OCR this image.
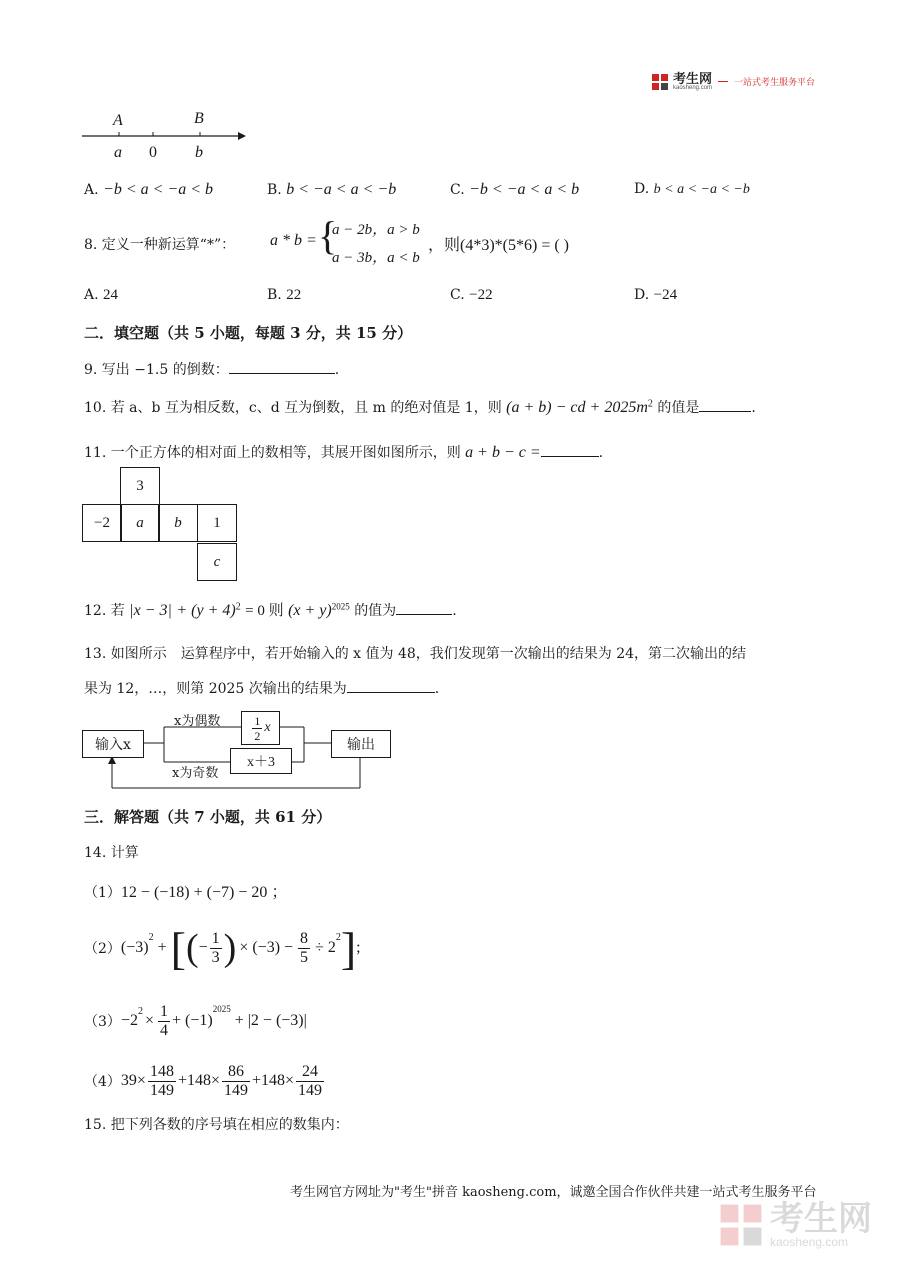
考生网
kaosheng.com
一站式考生服务平台
A	B
a 0 b
A. −b < a < −a < b	B. b < −a < a < −b	C. −b < −a < a < b	D. b < a < −a < −b
8. 定义一种新运算“*”： a * b = {
a − 2b，a > b
a − 3b，a < b
，则(4*3)*(5*6) = ( )
A. 24	B. 22	C. −22	D. −24
二．填空题（共 5 小题，每题 3 分，共 15 分）
9. 写出 −1.5 的倒数：	.
10. 若 a、b 互为相反数，c、d 互为倒数，且 m 的绝对值是 1，则 (a + b) − cd + $2025m^2$ 的值是	.
11. 一个正方体的相对面上的数相等，其展开图如图所示，则 a + b − c =	.
3
−2	a	b	1
c
12. 若 $|x - 3| + (y + 4)^2 = 0$ 则 $(x + y)^{2025}$ 的值为	.
13. 如图所示　运算程序中，若开始输入的 x 值为 48，我们发现第一次输出的结果为 24，第二次输出的结
果为 12，…，则第 2025 次输出的结果为	.
输入x
x为偶数	$\frac{1}{2}$ x
x＋3
x为奇数
输出
三．解答题（共 7 小题，共 61 分）
14. 计算
（1）12 − (−18) + (−7) − 20 ；
（2） (−3)
$^2$
+ [ ( − $\frac{1}{3}$ ) × $(-3) - \frac{8}{5} \div 2$
$^2$ ] ;
（3） −2
$^2$
× $\frac{1}{4} + (-1)$
$^{2025}$
+ | 2 − (−3) |
（4） $39\times \frac{148}{149} +148\times \frac{86}{149} +148\times \frac{24}{149}$
15. 把下列各数的序号填在相应的数集内：
考生网官方网址为"考生"拼音 kaosheng.com，诚邀全国合作伙伴共建一站式考生服务平台
考生网
kaosheng.com
